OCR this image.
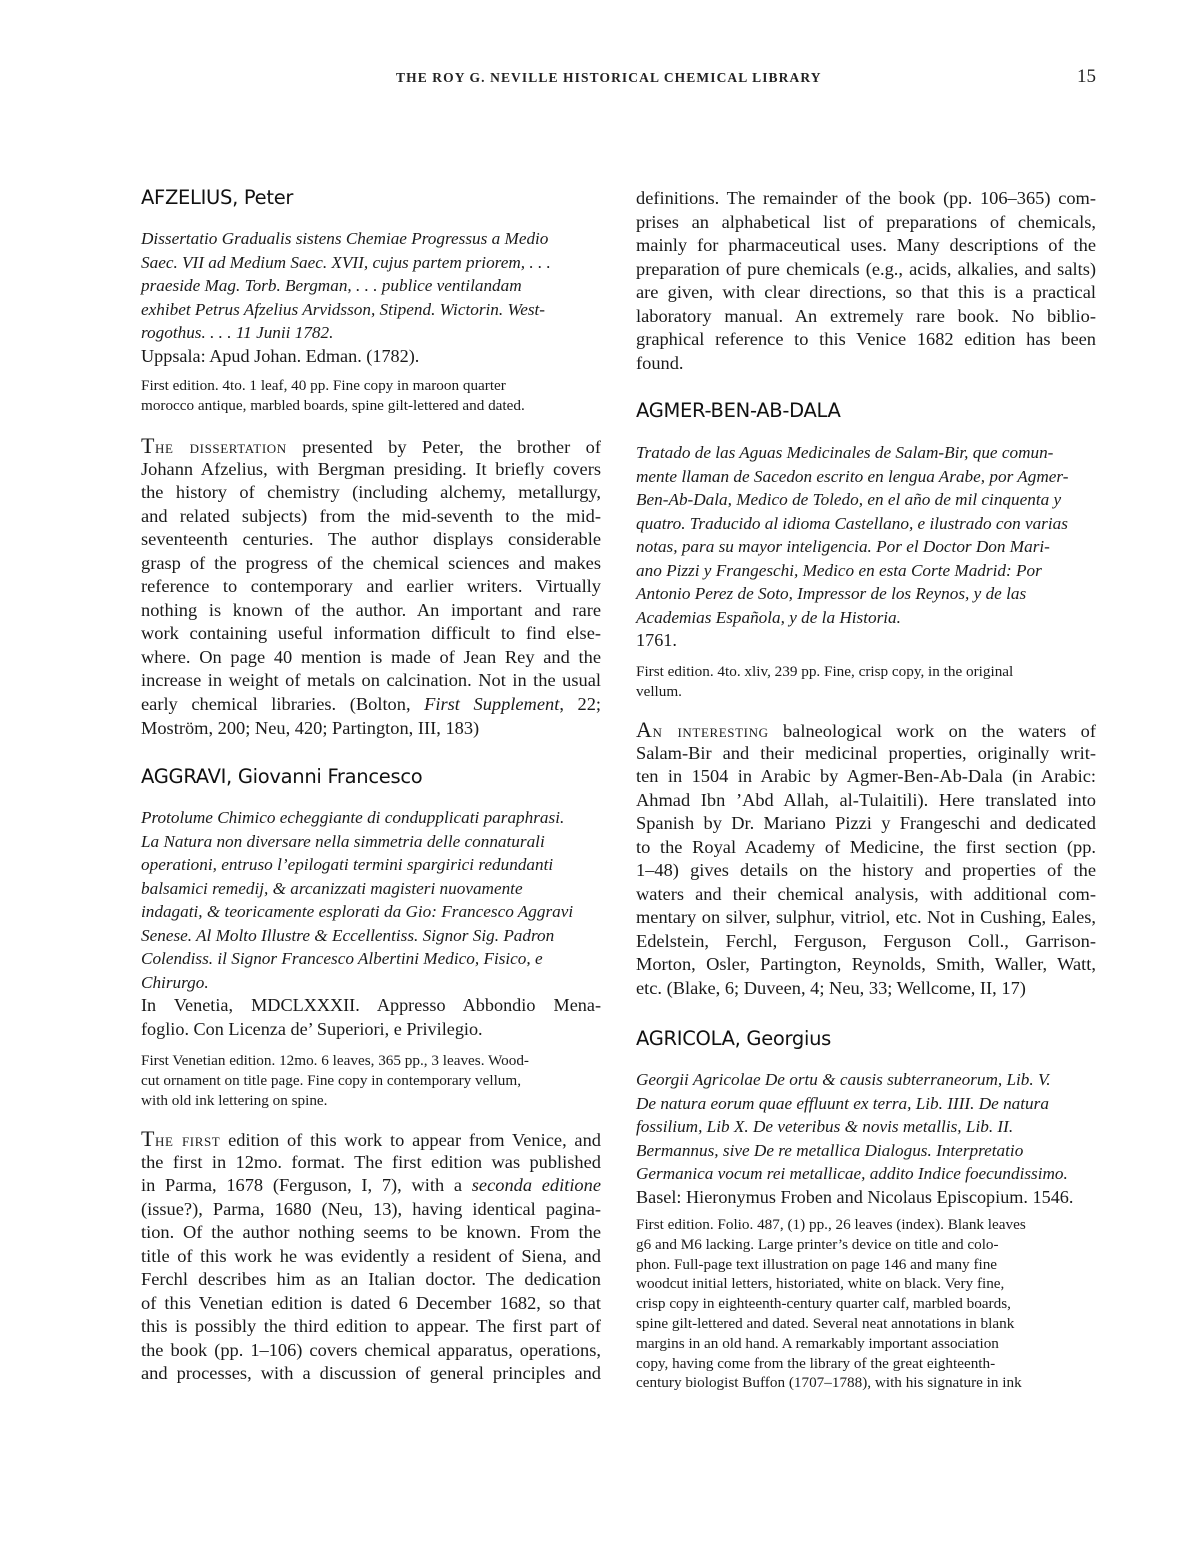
THE ROY G. NEVILLE HISTORICAL CHEMICAL LIBRARY	15
AFZELIUS, Peter
Dissertatio Gradualis sistens Chemiae Progressus a Medio
Saec. VII ad Medium Saec. XVII, cujus partem priorem, . . .
praeside Mag. Torb. Bergman, . . . publice ventilandam
exhibet Petrus Afzelius Arvidsson, Stipend. Wictorin. West-
rogothus. . . . 11 Junii 1782.
Uppsala: Apud Johan. Edman. (1782).
First edition. 4to. 1 leaf, 40 pp. Fine copy in maroon quarter
morocco antique, marbled boards, spine gilt-lettered and dated.
The dissertation presented by Peter, the brother of
Johann Afzelius, with Bergman presiding. It briefly covers
the history of chemistry (including alchemy, metallurgy,
and related subjects) from the mid-seventh to the mid-
seventeenth centuries. The author displays considerable
grasp of the progress of the chemical sciences and makes
reference to contemporary and earlier writers. Virtually
nothing is known of the author. An important and rare
work containing useful information difficult to find else-
where. On page 40 mention is made of Jean Rey and the
increase in weight of metals on calcination. Not in the usual
early chemical libraries. (Bolton, First Supplement, 22;
Moström, 200; Neu, 420; Partington, III, 183)
AGGRAVI, Giovanni Francesco
Protolume Chimico echeggiante di condupplicati paraphrasi.
La Natura non diversare nella simmetria delle connaturali
operationi, entruso l’epilogati termini spargirici redundanti
balsamici remedij, & arcanizzati magisteri nuovamente
indagati, & teoricamente esplorati da Gio: Francesco Aggravi
Senese. Al Molto Illustre & Eccellentiss. Signor Sig. Padron
Colendiss. il Signor Francesco Albertini Medico, Fisico, e
Chirurgo.
In Venetia, MDCLXXXII. Appresso Abbondio Mena-
foglio. Con Licenza de’ Superiori, e Privilegio.
First Venetian edition. 12mo. 6 leaves, 365 pp., 3 leaves. Wood-
cut ornament on title page. Fine copy in contemporary vellum,
with old ink lettering on spine.
The first edition of this work to appear from Venice, and
the first in 12mo. format. The first edition was published
in Parma, 1678 (Ferguson, I, 7), with a seconda editione
(issue?), Parma, 1680 (Neu, 13), having identical pagina-
tion. Of the author nothing seems to be known. From the
title of this work he was evidently a resident of Siena, and
Ferchl describes him as an Italian doctor. The dedication
of this Venetian edition is dated 6 December 1682, so that
this is possibly the third edition to appear. The first part of
the book (pp. 1–106) covers chemical apparatus, operations,
and processes, with a discussion of general principles and
definitions. The remainder of the book (pp. 106–365) com-
prises an alphabetical list of preparations of chemicals,
mainly for pharmaceutical uses. Many descriptions of the
preparation of pure chemicals (e.g., acids, alkalies, and salts)
are given, with clear directions, so that this is a practical
laboratory manual. An extremely rare book. No biblio-
graphical reference to this Venice 1682 edition has been
found.
AGMER-BEN-AB-DALA
Tratado de las Aguas Medicinales de Salam-Bir, que comun-
mente llaman de Sacedon escrito en lengua Arabe, por Agmer-
Ben-Ab-Dala, Medico de Toledo, en el año de mil cinquenta y
quatro. Traducido al idioma Castellano, e ilustrado con varias
notas, para su mayor inteligencia. Por el Doctor Don Mari-
ano Pizzi y Frangeschi, Medico en esta Corte Madrid: Por
Antonio Perez de Soto, Impressor de los Reynos, y de las
Academias Española, y de la Historia.
1761.
First edition. 4to. xliv, 239 pp. Fine, crisp copy, in the original
vellum.
An interesting balneological work on the waters of
Salam-Bir and their medicinal properties, originally writ-
ten in 1504 in Arabic by Agmer-Ben-Ab-Dala (in Arabic:
Ahmad Ibn ’Abd Allah, al-Tulaitili). Here translated into
Spanish by Dr. Mariano Pizzi y Frangeschi and dedicated
to the Royal Academy of Medicine, the first section (pp.
1–48) gives details on the history and properties of the
waters and their chemical analysis, with additional com-
mentary on silver, sulphur, vitriol, etc. Not in Cushing, Eales,
Edelstein, Ferchl, Ferguson, Ferguson Coll., Garrison-
Morton, Osler, Partington, Reynolds, Smith, Waller, Watt,
etc. (Blake, 6; Duveen, 4; Neu, 33; Wellcome, II, 17)
AGRICOLA, Georgius
Georgii Agricolae De ortu & causis subterraneorum, Lib. V.
De natura eorum quae effluunt ex terra, Lib. IIII. De natura
fossilium, Lib X. De veteribus & novis metallis, Lib. II.
Bermannus, sive De re metallica Dialogus. Interpretatio
Germanica vocum rei metallicae, addito Indice foecundissimo.
Basel: Hieronymus Froben and Nicolaus Episcopium. 1546.
First edition. Folio. 487, (1) pp., 26 leaves (index). Blank leaves
g6 and M6 lacking. Large printer’s device on title and colo-
phon. Full-page text illustration on page 146 and many fine
woodcut initial letters, historiated, white on black. Very fine,
crisp copy in eighteenth-century quarter calf, marbled boards,
spine gilt-lettered and dated. Several neat annotations in blank
margins in an old hand. A remarkably important association
copy, having come from the library of the great eighteenth-
century biologist Buffon (1707–1788), with his signature in ink
